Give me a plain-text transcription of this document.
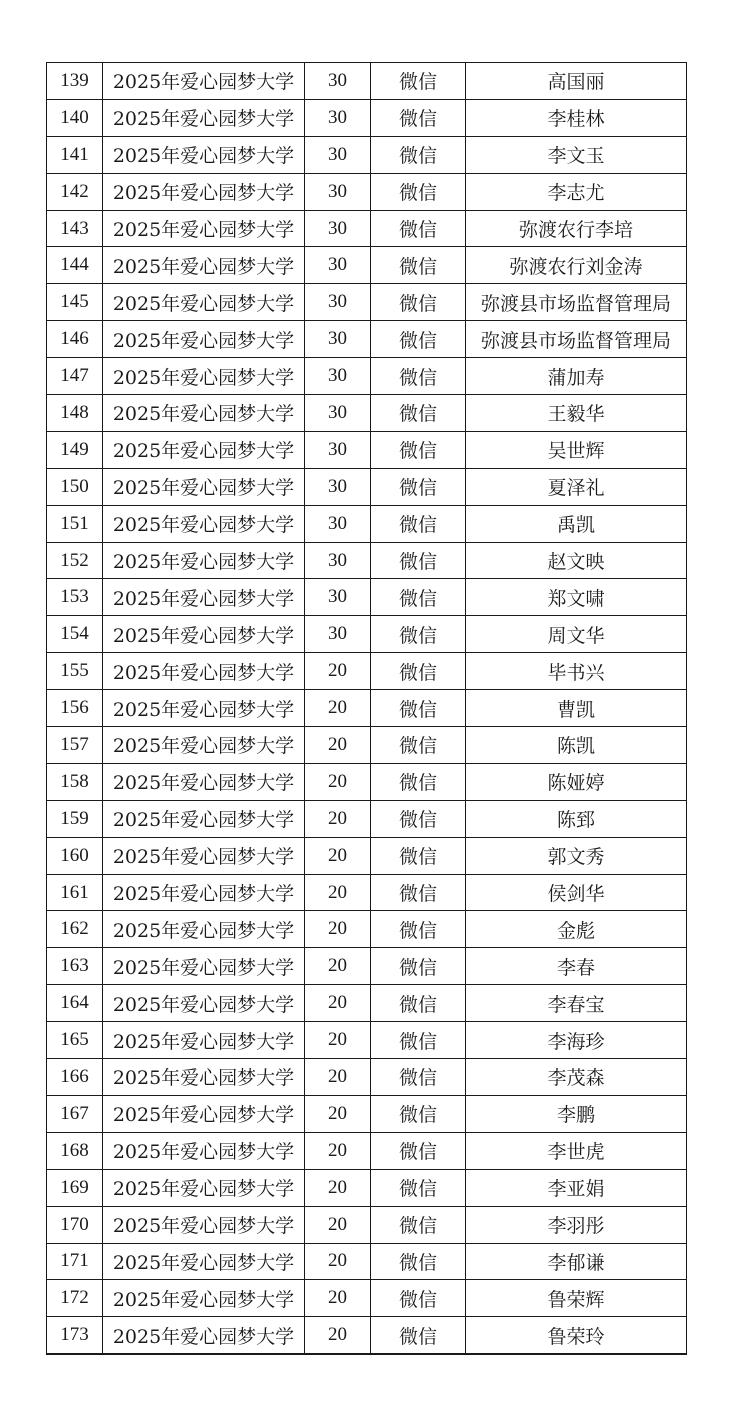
139	2025年爱心园梦大学	30	微信	高国丽
140	2025年爱心园梦大学	30	微信	李桂林
141	2025年爱心园梦大学	30	微信	李文玉
142	2025年爱心园梦大学	30	微信	李志尤
143	2025年爱心园梦大学	30	微信	弥渡农行李培
144	2025年爱心园梦大学	30	微信	弥渡农行刘金涛
145	2025年爱心园梦大学	30	微信	弥渡县市场监督管理局
146	2025年爱心园梦大学	30	微信	弥渡县市场监督管理局
147	2025年爱心园梦大学	30	微信	蒲加寿
148	2025年爱心园梦大学	30	微信	王毅华
149	2025年爱心园梦大学	30	微信	吴世辉
150	2025年爱心园梦大学	30	微信	夏泽礼
151	2025年爱心园梦大学	30	微信	禹凯
152	2025年爱心园梦大学	30	微信	赵文映
153	2025年爱心园梦大学	30	微信	郑文啸
154	2025年爱心园梦大学	30	微信	周文华
155	2025年爱心园梦大学	20	微信	毕书兴
156	2025年爱心园梦大学	20	微信	曹凯
157	2025年爱心园梦大学	20	微信	陈凯
158	2025年爱心园梦大学	20	微信	陈娅婷
159	2025年爱心园梦大学	20	微信	陈郅
160	2025年爱心园梦大学	20	微信	郭文秀
161	2025年爱心园梦大学	20	微信	侯剑华
162	2025年爱心园梦大学	20	微信	金彪
163	2025年爱心园梦大学	20	微信	李春
164	2025年爱心园梦大学	20	微信	李春宝
165	2025年爱心园梦大学	20	微信	李海珍
166	2025年爱心园梦大学	20	微信	李茂森
167	2025年爱心园梦大学	20	微信	李鹏
168	2025年爱心园梦大学	20	微信	李世虎
169	2025年爱心园梦大学	20	微信	李亚娟
170	2025年爱心园梦大学	20	微信	李羽彤
171	2025年爱心园梦大学	20	微信	李郁谦
172	2025年爱心园梦大学	20	微信	鲁荣辉
173	2025年爱心园梦大学	20	微信	鲁荣玲
